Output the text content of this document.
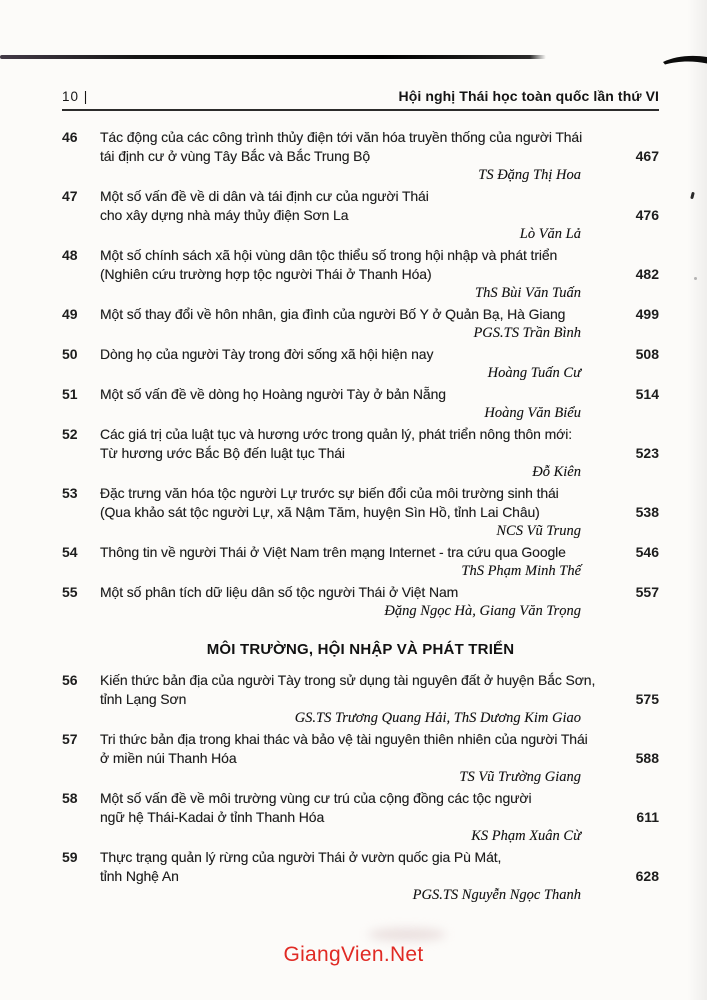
10 |	Hội nghị Thái học toàn quốc lần thứ VI
46	Tác động của các công trình thủy điện tới văn hóa truyền thống của người Thái
tái định cư ở vùng Tây Bắc và Bắc Trung Bộ	467
TS Đặng Thị Hoa
47	Một số vấn đề về di dân và tái định cư của người Thái
cho xây dựng nhà máy thủy điện Sơn La	476
Lò Văn Lả
48	Một số chính sách xã hội vùng dân tộc thiểu số trong hội nhập và phát triển
(Nghiên cứu trường hợp tộc người Thái ở Thanh Hóa)	482
ThS Bùi Văn Tuấn
49	Một số thay đổi về hôn nhân, gia đình của người Bố Y ở Quản Bạ, Hà Giang	499
PGS.TS Trần Bình
50	Dòng họ của người Tày trong đời sống xã hội hiện nay	508
Hoàng Tuấn Cư
51	Một số vấn đề về dòng họ Hoàng người Tày ở bản Nẵng	514
Hoàng Văn Biểu
52	Các giá trị của luật tục và hương ước trong quản lý, phát triển nông thôn mới:
Từ hương ước Bắc Bộ đến luật tục Thái	523
Đỗ Kiên
53	Đặc trưng văn hóa tộc người Lự trước sự biến đổi của môi trường sinh thái
(Qua khảo sát tộc người Lự, xã Nậm Tăm, huyện Sìn Hồ, tỉnh Lai Châu)	538
NCS Vũ Trung
54	Thông tin về người Thái ở Việt Nam trên mạng Internet - tra cứu qua Google	546
ThS Phạm Minh Thế
55	Một số phân tích dữ liệu dân số tộc người Thái ở Việt Nam	557
Đặng Ngọc Hà, Giang Văn Trọng
MÔI TRƯỜNG, HỘI NHẬP VÀ PHÁT TRIỂN
56	Kiến thức bản địa của người Tày trong sử dụng tài nguyên đất ở huyện Bắc Sơn,
tỉnh Lạng Sơn	575
GS.TS Trương Quang Hải, ThS Dương Kim Giao
57	Tri thức bản địa trong khai thác và bảo vệ tài nguyên thiên nhiên của người Thái
ở miền núi Thanh Hóa	588
TS Vũ Trường Giang
58	Một số vấn đề về môi trường vùng cư trú của cộng đồng các tộc người
ngữ hệ Thái-Kadai ở tỉnh Thanh Hóa	611
KS Phạm Xuân Cừ
59	Thực trạng quản lý rừng của người Thái ở vườn quốc gia Pù Mát,
tỉnh Nghệ An	628
PGS.TS Nguyễn Ngọc Thanh
GiangVien.Net
